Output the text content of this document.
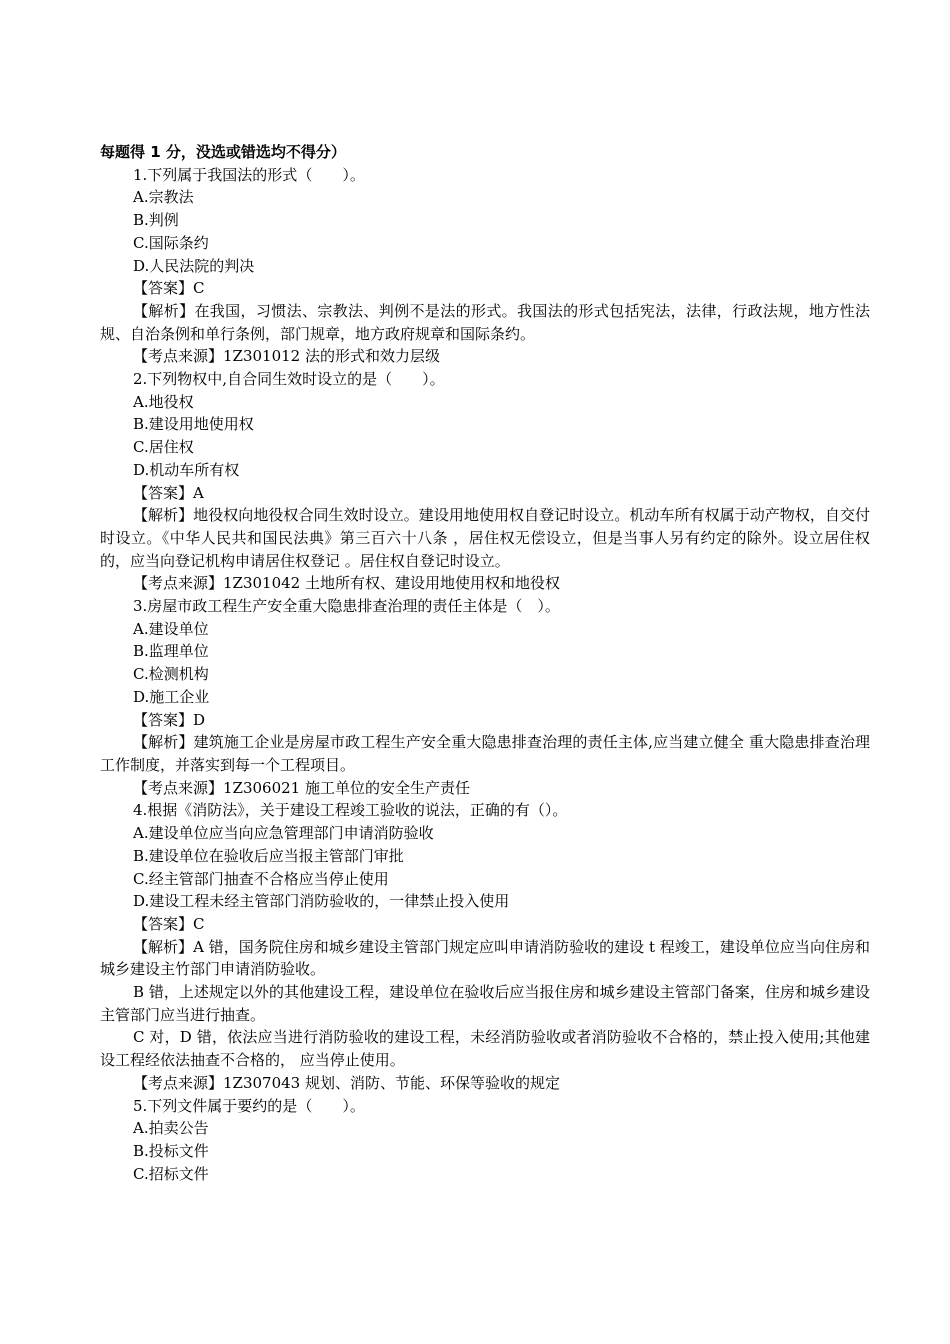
每题得 1 分，没选或错选均不得分）
1.下列属于我国法的形式（　　）。
A.宗教法
B.判例
C.国际条约
D.人民法院的判决
【答案】C
【解析】在我国，习惯法、宗教法、判例不是法的形式。我国法的形式包括宪法，法律，行政法规，地方性法规、自治条例和单行条例，部门规章，地方政府规章和国际条约。
【考点来源】1Z301012 法的形式和效力层级
2.下列物权中,自合同生效时设立的是（　　）。
A.地役权
B.建设用地使用权
C.居住权
D.机动车所有权
【答案】A
【解析】地役权向地役权合同生效时设立。建设用地使用权自登记时设立。机动车所有权属于动产物权，自交付时设立。《中华人民共和国民法典》第三百六十八条 ，居住权无偿设立，但是当事人另有约定的除外。设立居住权的，应当向登记机构申请居住权登记 。居住权自登记时设立。
【考点来源】1Z301042 土地所有权、建设用地使用权和地役权
3.房屋市政工程生产安全重大隐患排查治理的责任主体是（　）。
A.建设单位
B.监理单位
C.检测机构
D.施工企业
【答案】D
【解析】建筑施工企业是房屋市政工程生产安全重大隐患排查治理的责任主体,应当建立健全 重大隐患排查治理工作制度，并落实到每一个工程项目。
【考点来源】1Z306021 施工单位的安全生产责任
4.根据《消防法》，关于建设工程竣工验收的说法，正确的有（）。
A.建设单位应当向应急管理部门申请消防验收
B.建设单位在验收后应当报主管部门审批
C.经主管部门抽查不合格应当停止使用
D.建设工程未经主管部门消防验收的，一律禁止投入使用
【答案】C
【解析】A 错，国务院住房和城乡建设主管部门规定应叫申请消防验收的建设 t 程竣工，建设单位应当向住房和城乡建设主竹部门申请消防验收。
B 错，上述规定以外的其他建设工程，建设单位在验收后应当报住房和城乡建设主管部门备案，住房和城乡建设主管部门应当进行抽查。
C 对，D 错，依法应当进行消防验收的建设工程，未经消防验收或者消防验收不合格的，禁止投入使用;其他建设工程经依法抽查不合格的， 应当停止使用。
【考点来源】1Z307043 规划、消防、节能、环保等验收的规定
5.下列文件属于要约的是（　　）。
A.拍卖公告
B.投标文件
C.招标文件
